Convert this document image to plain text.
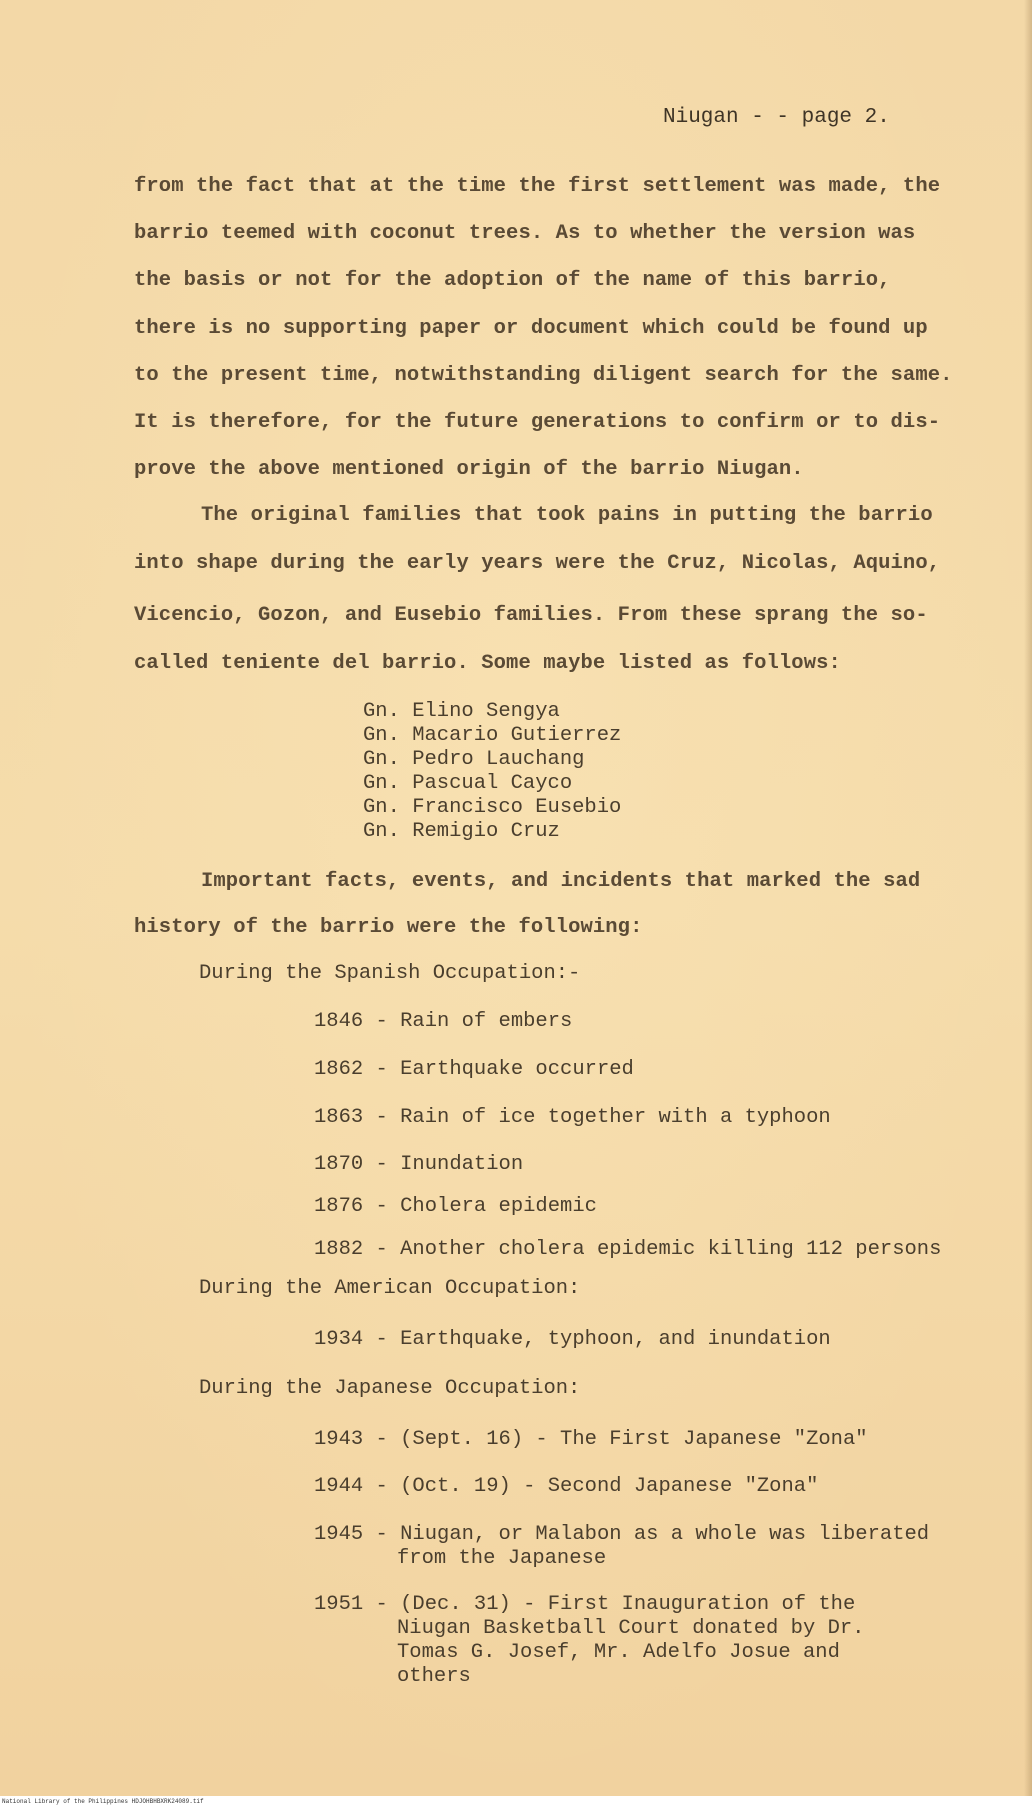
Niugan - - page 2.
from the fact that at the time the first settlement was made, the
barrio teemed with coconut trees. As to whether the version was
the basis or not for the adoption of the name of this barrio,
there is no supporting paper or document which could be found up
to the present time, notwithstanding diligent search for the same.
It is therefore, for the future generations to confirm or to dis-
prove the above mentioned origin of the barrio Niugan.
The original families that took pains in putting the barrio
into shape during the early years were the Cruz, Nicolas, Aquino,
Vicencio, Gozon, and Eusebio families. From these sprang the so-
called teniente del barrio. Some maybe listed as follows:
Gn. Elino Sengya
Gn. Macario Gutierrez
Gn. Pedro Lauchang
Gn. Pascual Cayco
Gn. Francisco Eusebio
Gn. Remigio Cruz
Important facts, events, and incidents that marked the sad
history of the barrio were the following:
During the Spanish Occupation:-
1846 - Rain of embers
1862 - Earthquake occurred
1863 - Rain of ice together with a typhoon
1870 - Inundation
1876 - Cholera epidemic
1882 - Another cholera epidemic killing 112 persons
During the American Occupation:
1934 - Earthquake, typhoon, and inundation
During the Japanese Occupation:
1943 - (Sept. 16) - The First Japanese "Zona"
1944 - (Oct. 19) - Second Japanese "Zona"
1945 - Niugan, or Malabon as a whole was liberated
from the Japanese
1951 - (Dec. 31) - First Inauguration of the
Niugan Basketball Court donated by Dr.
Tomas G. Josef, Mr. Adelfo Josue and
others
National Library of the Philippines HDJOHBHBXRK24089.tif
